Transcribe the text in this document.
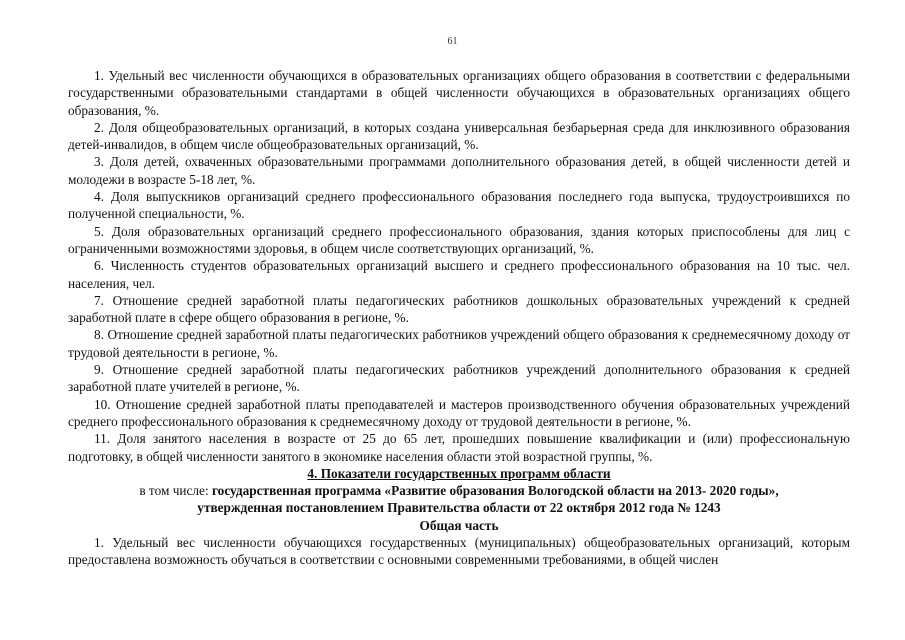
61

1. Удельный вес численности обучающихся в образовательных организациях общего образования в соответствии с федеральными государственными образовательными стандартами в общей численности обучающихся в образовательных организациях общего образования, %.

2. Доля общеобразовательных организаций, в которых создана универсальная безбарьерная среда для инклюзивного образования детей-инвалидов, в общем числе общеобразовательных организаций, %.

3. Доля детей, охваченных образовательными программами дополнительного образования детей, в общей численности детей и молодежи в возрасте 5-18 лет, %.

4. Доля выпускников организаций среднего профессионального образования последнего года выпуска, трудоустроившихся по полученной специальности, %.

5. Доля образовательных организаций среднего профессионального образования, здания которых приспособлены для лиц с ограниченными возможностями здоровья, в общем числе соответствующих организаций, %.

6. Численность студентов образовательных организаций высшего и среднего профессионального образования на 10 тыс. чел. населения, чел.

7. Отношение средней заработной платы педагогических работников дошкольных образовательных учреждений к средней заработной плате в сфере общего образования в регионе, %.

8. Отношение средней заработной платы педагогических работников учреждений общего образования к среднемесячному доходу от трудовой деятельности в регионе, %.

9. Отношение средней заработной платы педагогических работников учреждений дополнительного образования к средней заработной плате учителей в регионе, %.

10. Отношение средней заработной платы преподавателей и мастеров производственного обучения образовательных учреждений среднего профессионального образования к среднемесячному доходу от трудовой деятельности в регионе, %.

11. Доля занятого населения в возрасте от 25 до 65 лет, прошедших повышение квалификации и (или) профессиональную подготовку, в общей численности занятого в экономике населения области этой возрастной группы, %.

4. Показатели государственных программ области

в том числе: государственная программа «Развитие образования Вологодской области на 2013- 2020 годы»,

утвержденная постановлением Правительства области от 22 октября 2012 года № 1243

Общая часть

1. Удельный вес численности обучающихся государственных (муниципальных) общеобразовательных организаций, которым предоставлена возможность обучаться в соответствии с основными современными требованиями, в общей числен
